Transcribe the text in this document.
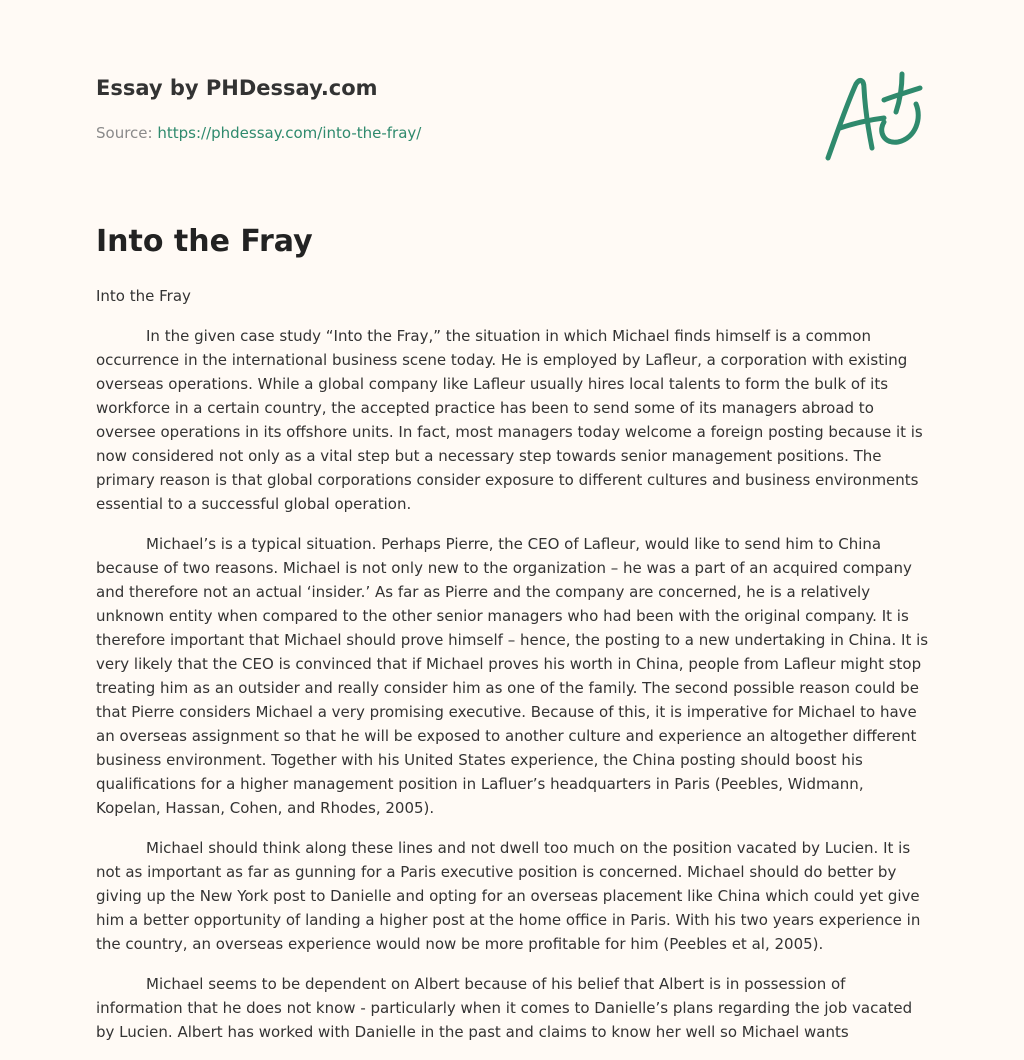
Essay by PHDessay.com

Source: https://phdessay.com/into-the-fray/

Into the Fray

Into the Fray

In the given case study “Into the Fray,” the situation in which Michael finds himself is a common occurrence in the international business scene today. He is employed by Lafleur, a corporation with existing overseas operations. While a global company like Lafleur usually hires local talents to form the bulk of its workforce in a certain country, the accepted practice has been to send some of its managers abroad to oversee operations in its offshore units. In fact, most managers today welcome a foreign posting because it is now considered not only as a vital step but a necessary step towards senior management positions. The primary reason is that global corporations consider exposure to different cultures and business environments essential to a successful global operation.

Michael’s is a typical situation. Perhaps Pierre, the CEO of Lafleur, would like to send him to China because of two reasons. Michael is not only new to the organization – he was a part of an acquired company and therefore not an actual ‘insider.’ As far as Pierre and the company are concerned, he is a relatively unknown entity when compared to the other senior managers who had been with the original company. It is therefore important that Michael should prove himself – hence, the posting to a new undertaking in China. It is very likely that the CEO is convinced that if Michael proves his worth in China, people from Lafleur might stop treating him as an outsider and really consider him as one of the family. The second possible reason could be that Pierre considers Michael a very promising executive. Because of this, it is imperative for Michael to have an overseas assignment so that he will be exposed to another culture and experience an altogether different business environment. Together with his United States experience, the China posting should boost his qualifications for a higher management position in Lafluer’s headquarters in Paris (Peebles, Widmann, Kopelan, Hassan, Cohen, and Rhodes, 2005).

Michael should think along these lines and not dwell too much on the position vacated by Lucien. It is not as important as far as gunning for a Paris executive position is concerned. Michael should do better by giving up the New York post to Danielle and opting for an overseas placement like China which could yet give him a better opportunity of landing a higher post at the home office in Paris. With his two years experience in the country, an overseas experience would now be more profitable for him (Peebles et al, 2005).

Michael seems to be dependent on Albert because of his belief that Albert is in possession of information that he does not know - particularly when it comes to Danielle’s plans regarding the job vacated by Lucien. Albert has worked with Danielle in the past and claims to know her well so Michael wants
